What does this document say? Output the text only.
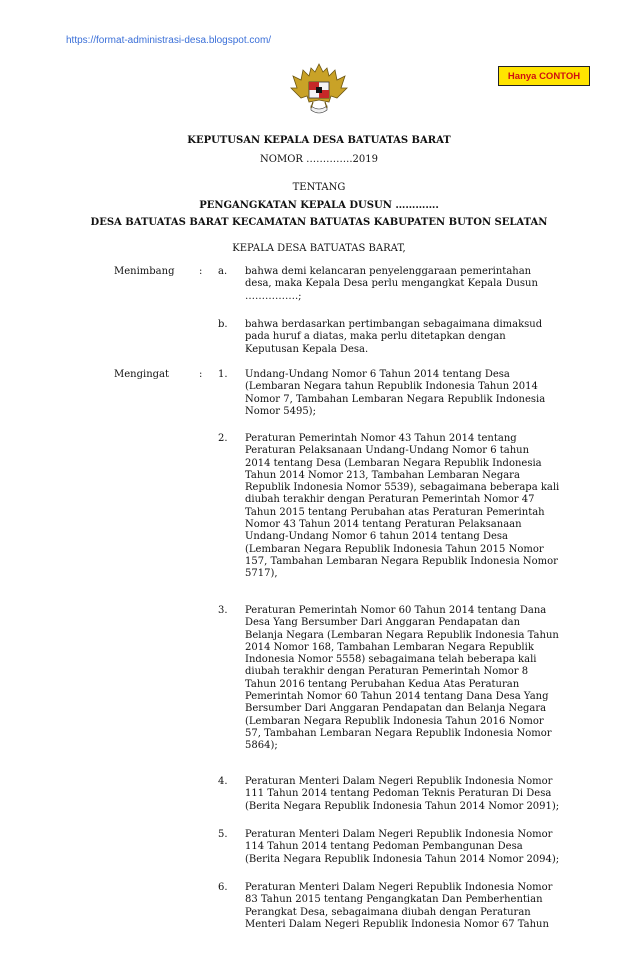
https://format-administrasi-desa.blogspot.com/
Hanya CONTOH
KEPUTUSAN KEPALA DESA BATUATAS BARAT
NOMOR …………..2019
TENTANG
PENGANGKATAN KEPALA DUSUN ………….
DESA BATUATAS BARAT KECAMATAN BATUATAS KABUPATEN BUTON SELATAN
KEPALA DESA BATUATAS BARAT,
Menimbang : a. bahwa demi kelancaran penyelenggaraan pemerintahan
desa, maka Kepala Desa perlu mengangkat Kepala Dusun
…………….;
b. bahwa berdasarkan pertimbangan sebagaimana dimaksud
pada huruf a diatas, maka perlu ditetapkan dengan
Keputusan Kepala Desa.
Mengingat	: 1. Undang-Undang Nomor 6 Tahun 2014 tentang Desa
(Lembaran Negara tahun Republik Indonesia Tahun 2014
Nomor 7, Tambahan Lembaran Negara Republik Indonesia
Nomor 5495);
2. Peraturan Pemerintah Nomor 43 Tahun 2014 tentang
Peraturan Pelaksanaan Undang-Undang Nomor 6 tahun
2014 tentang Desa (Lembaran Negara Republik Indonesia
Tahun 2014 Nomor 213, Tambahan Lembaran Negara
Republik Indonesia Nomor 5539), sebagaimana beberapa kali
diubah terakhir dengan Peraturan Pemerintah Nomor 47
Tahun 2015 tentang Perubahan atas Peraturan Pemerintah
Nomor 43 Tahun 2014 tentang Peraturan Pelaksanaan
Undang-Undang Nomor 6 tahun 2014 tentang Desa
(Lembaran Negara Republik Indonesia Tahun 2015 Nomor
157, Tambahan Lembaran Negara Republik Indonesia Nomor
5717),
3. Peraturan Pemerintah Nomor 60 Tahun 2014 tentang Dana
Desa Yang Bersumber Dari Anggaran Pendapatan dan
Belanja Negara (Lembaran Negara Republik Indonesia Tahun
2014 Nomor 168, Tambahan Lembaran Negara Republik
Indonesia Nomor 5558) sebagaimana telah beberapa kali
diubah terakhir dengan Peraturan Pemerintah Nomor 8
Tahun 2016 tentang Perubahan Kedua Atas Peraturan
Pemerintah Nomor 60 Tahun 2014 tentang Dana Desa Yang
Bersumber Dari Anggaran Pendapatan dan Belanja Negara
(Lembaran Negara Republik Indonesia Tahun 2016 Nomor
57, Tambahan Lembaran Negara Republik Indonesia Nomor
5864);
4. Peraturan Menteri Dalam Negeri Republik Indonesia Nomor
111 Tahun 2014 tentang Pedoman Teknis Peraturan Di Desa
(Berita Negara Republik Indonesia Tahun 2014 Nomor 2091);
5. Peraturan Menteri Dalam Negeri Republik Indonesia Nomor
114 Tahun 2014 tentang Pedoman Pembangunan Desa
(Berita Negara Republik Indonesia Tahun 2014 Nomor 2094);
6. Peraturan Menteri Dalam Negeri Republik Indonesia Nomor
83 Tahun 2015 tentang Pengangkatan Dan Pemberhentian
Perangkat Desa, sebagaimana diubah dengan Peraturan
Menteri Dalam Negeri Republik Indonesia Nomor 67 Tahun
